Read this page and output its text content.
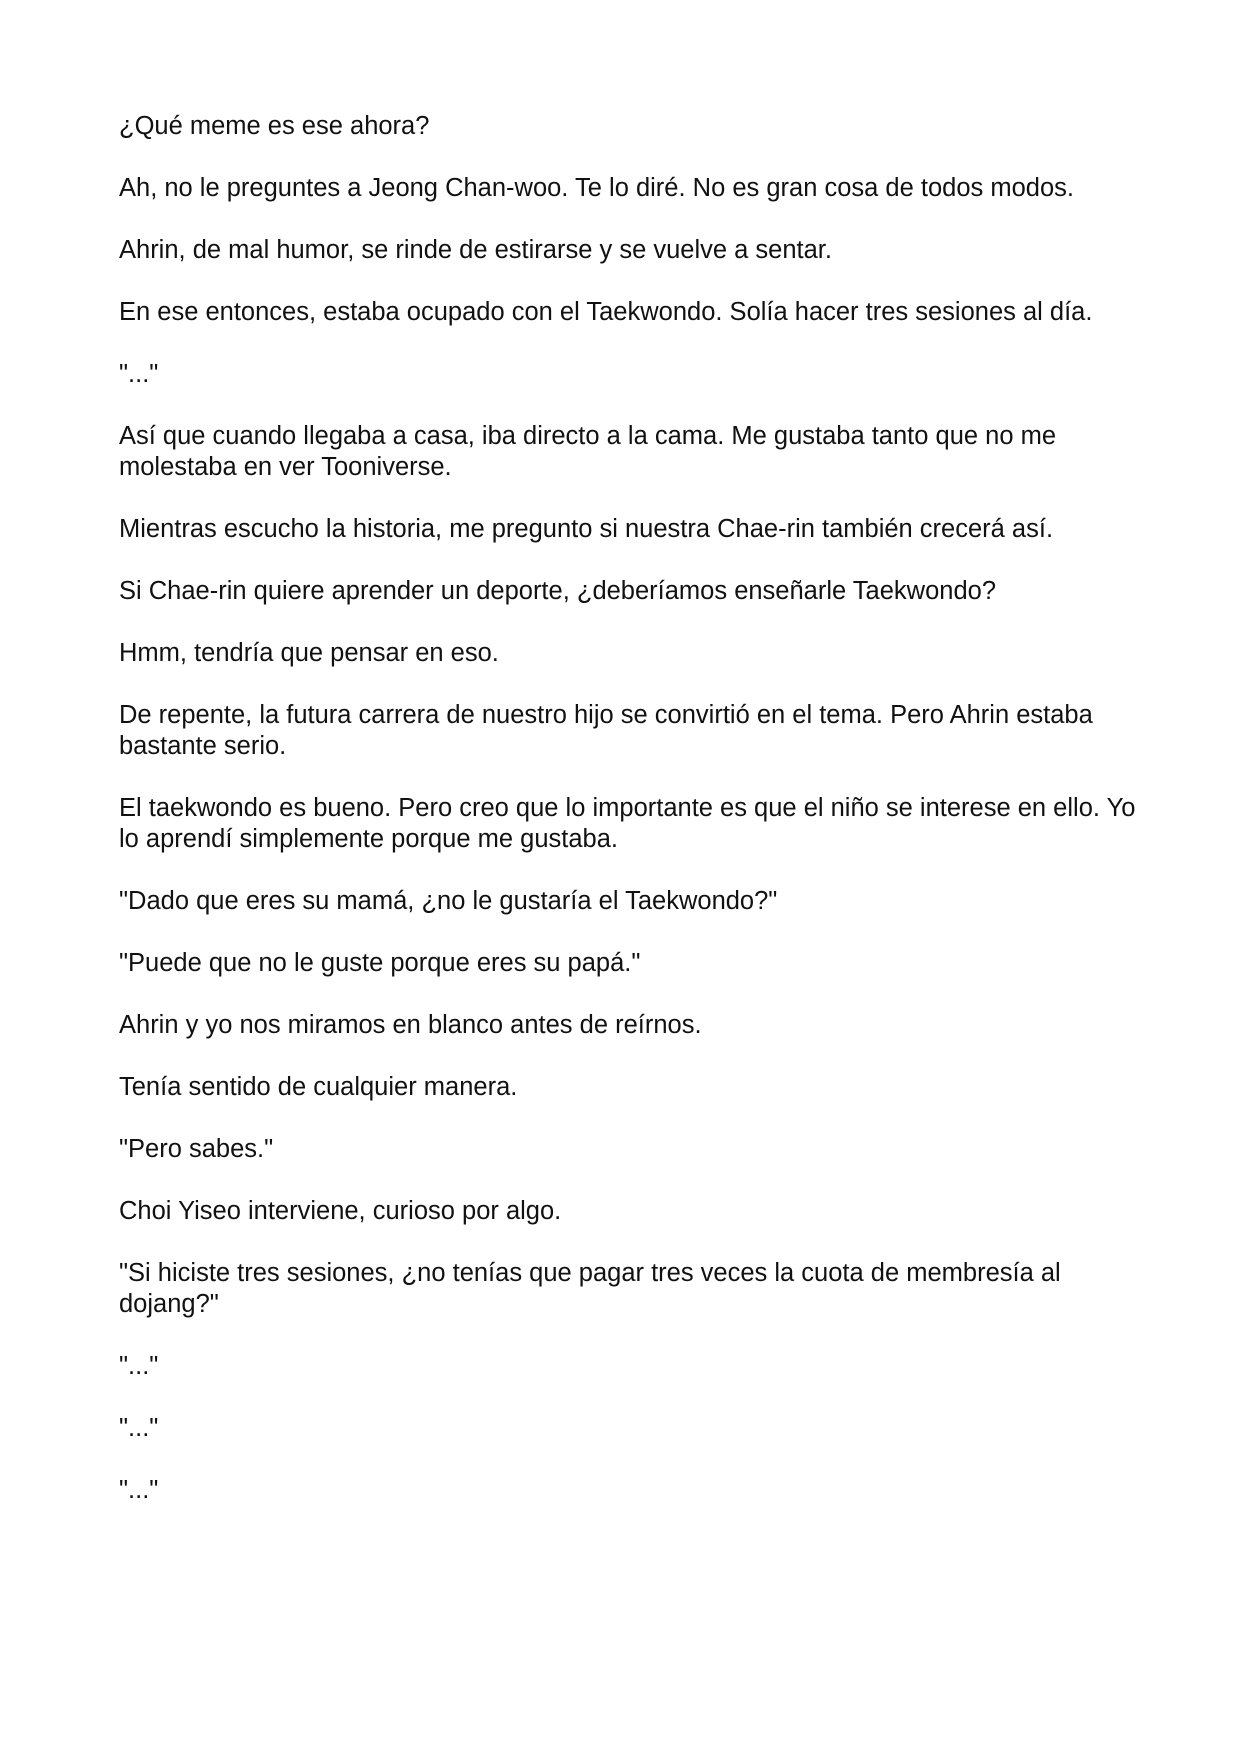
¿Qué meme es ese ahora?

Ah, no le preguntes a Jeong Chan-woo. Te lo diré. No es gran cosa de todos modos.

Ahrin, de mal humor, se rinde de estirarse y se vuelve a sentar.

En ese entonces, estaba ocupado con el Taekwondo. Solía hacer tres sesiones al día.

"..."

Así que cuando llegaba a casa, iba directo a la cama. Me gustaba tanto que no me molestaba en ver Tooniverse.

Mientras escucho la historia, me pregunto si nuestra Chae-rin también crecerá así.

Si Chae-rin quiere aprender un deporte, ¿deberíamos enseñarle Taekwondo?

Hmm, tendría que pensar en eso.

De repente, la futura carrera de nuestro hijo se convirtió en el tema. Pero Ahrin estaba bastante serio.

El taekwondo es bueno. Pero creo que lo importante es que el niño se interese en ello. Yo lo aprendí simplemente porque me gustaba.

"Dado que eres su mamá, ¿no le gustaría el Taekwondo?"

"Puede que no le guste porque eres su papá."

Ahrin y yo nos miramos en blanco antes de reírnos.

Tenía sentido de cualquier manera.

"Pero sabes."

Choi Yiseo interviene, curioso por algo.

"Si hiciste tres sesiones, ¿no tenías que pagar tres veces la cuota de membresía al dojang?"

"..."

"..."

"..."
